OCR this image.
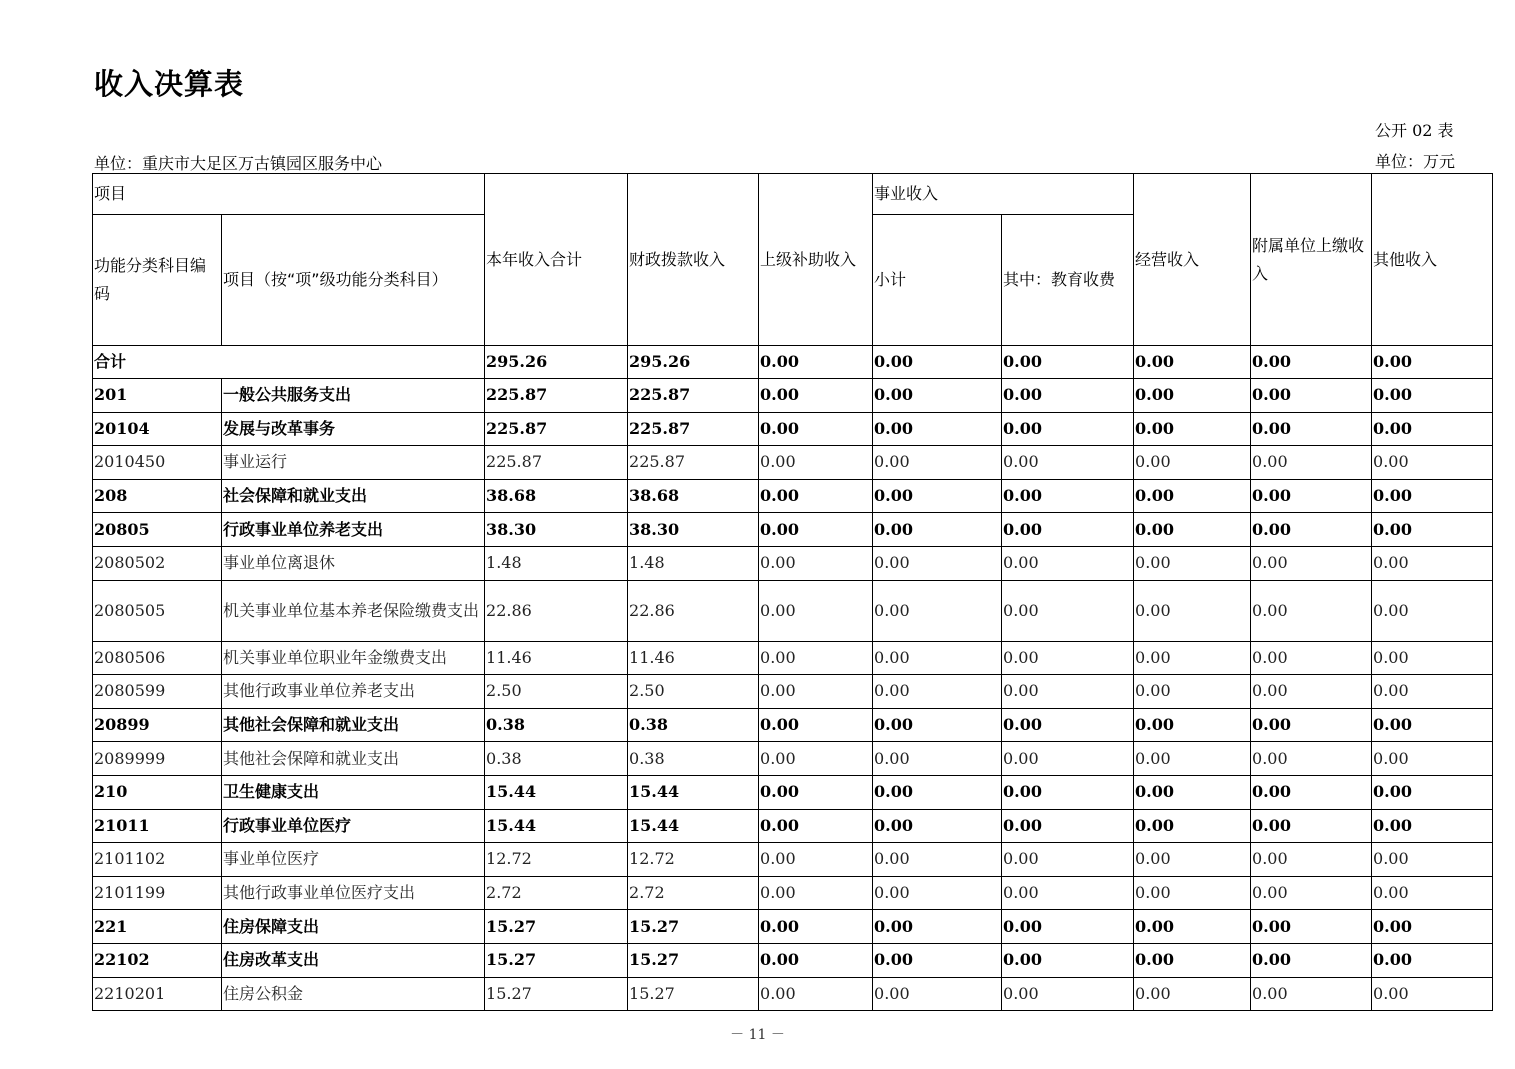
收入决算表
公开 02 表
单位：重庆市大足区万古镇园区服务中心	单位：万元
项目		本年收入合计	财政拨款收入	上级补助收入	事业收入		经营收入	附属单位上缴收入	其他收入
功能分类科目编码	项目（按“项”级功能分类科目）				小计	其中：教育收费			
合计		295.26	295.26	0.00	0.00	0.00	0.00	0.00	0.00
201	一般公共服务支出	225.87	225.87	0.00	0.00	0.00	0.00	0.00	0.00
20104	发展与改革事务	225.87	225.87	0.00	0.00	0.00	0.00	0.00	0.00
2010450	事业运行	225.87	225.87	0.00	0.00	0.00	0.00	0.00	0.00
208	社会保障和就业支出	38.68	38.68	0.00	0.00	0.00	0.00	0.00	0.00
20805	行政事业单位养老支出	38.30	38.30	0.00	0.00	0.00	0.00	0.00	0.00
2080502	事业单位离退休	1.48	1.48	0.00	0.00	0.00	0.00	0.00	0.00
2080505	机关事业单位基本养老保险缴费支出	22.86	22.86	0.00	0.00	0.00	0.00	0.00	0.00
2080506	机关事业单位职业年金缴费支出	11.46	11.46	0.00	0.00	0.00	0.00	0.00	0.00
2080599	其他行政事业单位养老支出	2.50	2.50	0.00	0.00	0.00	0.00	0.00	0.00
20899	其他社会保障和就业支出	0.38	0.38	0.00	0.00	0.00	0.00	0.00	0.00
2089999	其他社会保障和就业支出	0.38	0.38	0.00	0.00	0.00	0.00	0.00	0.00
210	卫生健康支出	15.44	15.44	0.00	0.00	0.00	0.00	0.00	0.00
21011	行政事业单位医疗	15.44	15.44	0.00	0.00	0.00	0.00	0.00	0.00
2101102	事业单位医疗	12.72	12.72	0.00	0.00	0.00	0.00	0.00	0.00
2101199	其他行政事业单位医疗支出	2.72	2.72	0.00	0.00	0.00	0.00	0.00	0.00
221	住房保障支出	15.27	15.27	0.00	0.00	0.00	0.00	0.00	0.00
22102	住房改革支出	15.27	15.27	0.00	0.00	0.00	0.00	0.00	0.00
2210201	住房公积金	15.27	15.27	0.00	0.00	0.00	0.00	0.00	0.00
－ 11 －
